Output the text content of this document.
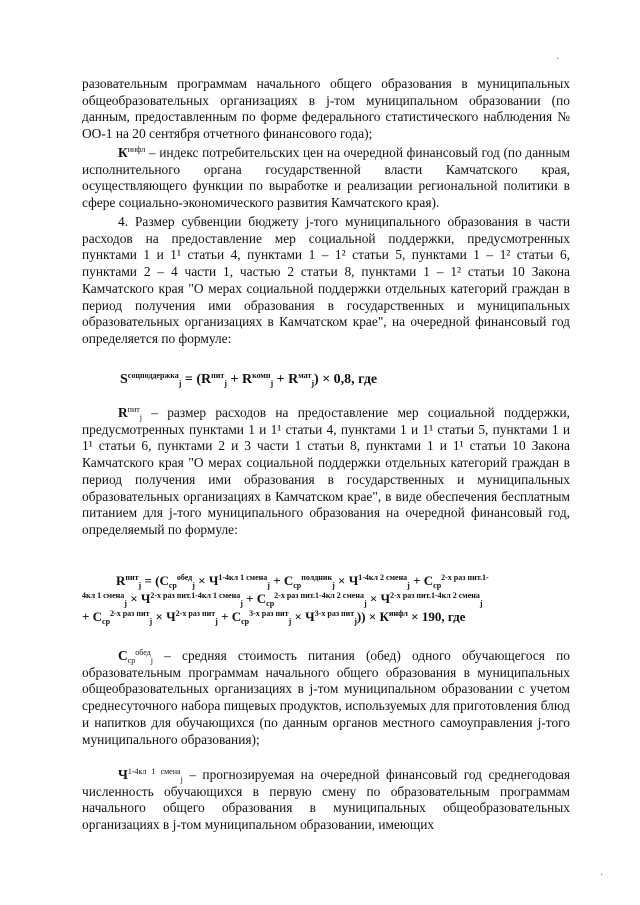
·

разовательным программам начального общего образования в муниципальных общеобразовательных организациях в j-том муниципальном образовании (по данным, предоставленным по форме федерального статистического наблюдения № ОО-1 на 20 сентября отчетного финансового года);

$К^{инфл}$ – индекс потребительских цен на очередной финансовый год (по данным исполнительного органа государственной власти Камчатского края, осуществляющего функции по выработке и реализации региональной политики в сфере социально-экономического развития Камчатского края).

4. Размер субвенции бюджету j-того муниципального образования в части расходов на предоставление мер социальной поддержки, предусмотренных пунктами 1 и 1¹ статьи 4, пунктами 1 – 1² статьи 5, пунктами 1 – 1² статьи 6, пунктами 2 – 4 части 1, частью 2 статьи 8, пунктами 1 – 1² статьи 10 Закона Камчатского края "О мерах социальной поддержки отдельных категорий граждан в период получения ими образования в государственных и муниципальных образовательных организациях в Камчатском крае", на очередной финансовый год определяется по формуле:

$S^{соцподдержка}_j = (R^{пит}_j + R^{комп}_j + R^{мат}_j) \times 0,8$, где

$R^{пит}_j$ – размер расходов на предоставление мер социальной поддержки, предусмотренных пунктами 1 и 1¹ статьи 4, пунктами 1 и 1¹ статьи 5, пунктами 1 и 1¹ статьи 6, пунктами 2 и 3 части 1 статьи 8, пунктами 1 и 1¹ статьи 10 Закона Камчатского края "О мерах социальной поддержки отдельных категорий граждан в период получения ими образования в государственных и муниципальных образовательных организациях в Камчатском крае", в виде обеспечения бесплатным питанием для j-того муниципального образования на очередной финансовый год, определяемый по формуле:

$R^{пит}_j = (C_{ср}^{обед}_j \times Ч^{1-4кл 1 смена}_j + C_{ср}^{полдник}_j \times Ч^{1-4кл 2 смена}_j + C_{ср}^{2-х раз пит.1-}$
$^{4кл 1 смена}_j \times Ч^{2-х раз пит.1-4кл 1 смена}_j + C_{ср}^{2-х раз пит.1-4кл 2 смена}_j \times Ч^{2-х раз пит.1-4кл 2 смена}_j$
+ $C_{ср}^{2-х раз пит}_j \times Ч^{2-х раз пит}_j + C_{ср}^{3-х раз пит}_j \times Ч^{3-х раз пит}_j)) \times К^{инфл} \times 190$, где

$C_{ср}^{обед}_j$ – средняя стоимость питания (обед) одного обучающегося по образовательным программам начального общего образования в муниципальных общеобразовательных организациях в j-том муниципальном образовании с учетом среднесуточного набора пищевых продуктов, используемых для приготовления блюд и напитков для обучающихся (по данным органов местного самоуправления j-того муниципального образования);

$Ч^{1-4кл 1 смена}_j$ – прогнозируемая на очередной финансовый год среднегодовая численность обучающихся в первую смену по образовательным программам начального общего образования в муниципальных общеобразовательных организациях в j-том муниципальном образовании, имеющих

·
